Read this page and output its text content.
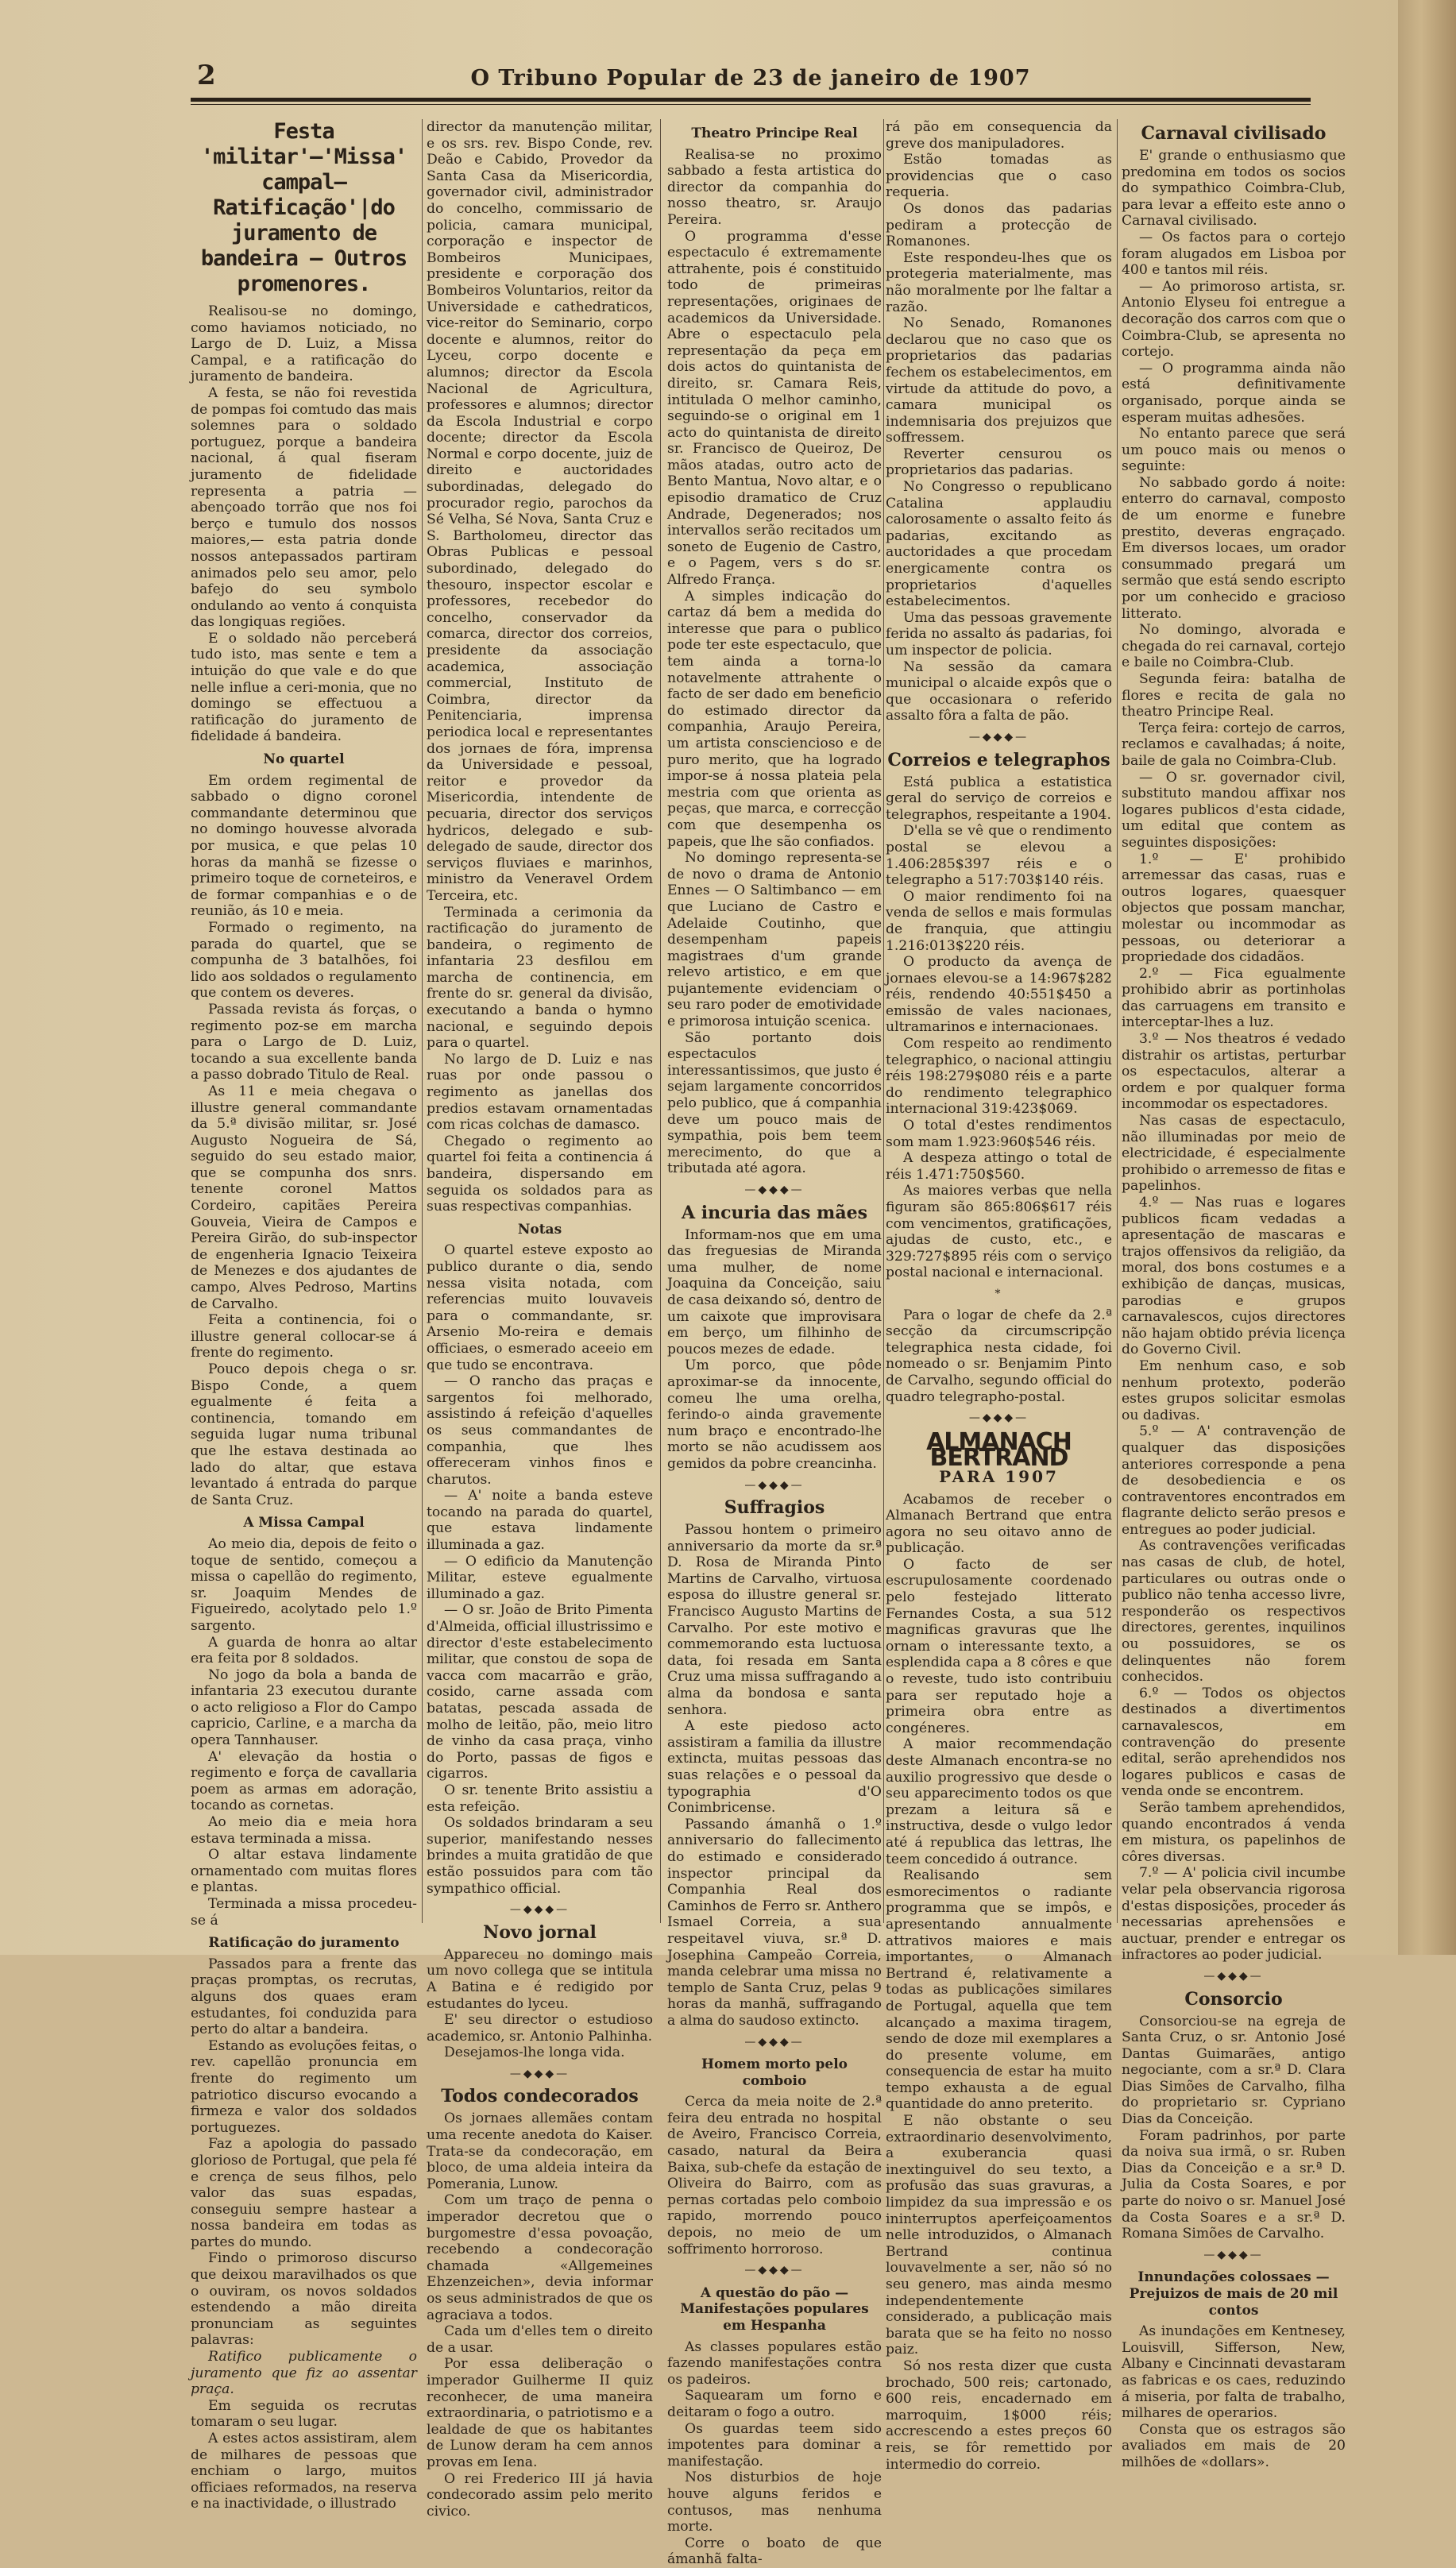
2	O Tribuno Popular de 23 de janeiro de 1907
Festa 'militar'—'Missa' campal—Ratificação'|do juramento de bandeira — Outros promenores.

Realisou-se no domingo, como haviamos noticiado, no Largo de D. Luiz, a Missa Campal, e a ratificação do juramento de bandeira.

A festa, se não foi revestida de pompas foi comtudo das mais solemnes para o soldado portuguez, porque a bandeira nacional, á qual fiseram juramento de fidelidade representa a patria — abençoado torrão que nos foi berço e tumulo dos nossos maiores,— esta patria donde nossos antepassados partiram animados pelo seu amor, pelo bafejo do seu symbolo ondulando ao vento á conquista das longiquas regiões.

E o soldado não perceberá tudo isto, mas sente e tem a intuição do que vale e do que nelle influe a ceri-monia, que no domingo se effectuou a ratificação do juramento de fidelidade á bandeira.

No quartel

Em ordem regimental de sabbado o digno coronel commandante determinou que no domingo houvesse alvorada por musica, e que pelas 10 horas da manhã se fizesse o primeiro toque de corneteiros, e de formar companhias e o de reunião, ás 10 e meia.

Formado o regimento, na parada do quartel, que se compunha de 3 batalhões, foi lido aos soldados o regulamento que contem os deveres.

Passada revista ás forças, o regimento poz-se em marcha para o Largo de D. Luiz, tocando a sua excellente banda a passo dobrado Titulo de Real.

As 11 e meia chegava o illustre general commandante da 5.ª divisão militar, sr. José Augusto Nogueira de Sá, seguido do seu estado maior, que se compunha dos snrs. tenente coronel Mattos Cordeiro, capitães Pereira Gouveia, Vieira de Campos e Pereira Girão, do sub-inspector de engenheria Ignacio Teixeira de Menezes e dos ajudantes de campo, Alves Pedroso, Martins de Carvalho.

Feita a continencia, foi o illustre general collocar-se á frente do regimento.

Pouco depois chega o sr. Bispo Conde, a quem egualmente é feita a continencia, tomando em seguida lugar numa tribunal que lhe estava destinada ao lado do altar, que estava levantado á entrada do parque de Santa Cruz.

A Missa Campal

Ao meio dia, depois de feito o toque de sentido, começou a missa o capellão do regimento, sr. Joaquim Mendes de Figueiredo, acolytado pelo 1.º sargento.

A guarda de honra ao altar era feita por 8 soldados.

No jogo da bola a banda de infantaria 23 executou durante o acto religioso a Flor do Campo capricio, Carline, e a marcha da opera Tannhauser.

A' elevação da hostia o regimento e força de cavallaria poem as armas em adoração, tocando as cornetas.

Ao meio dia e meia hora estava terminada a missa.

O altar estava lindamente ornamentado com muitas flores e plantas.

Terminada a missa procedeu-se á

Ratificação do juramento

Passados para a frente das praças promptas, os recrutas, alguns dos quaes eram estudantes, foi conduzida para perto do altar a bandeira.

Estando as evoluções feitas, o rev. capellão pronuncia em frente do regimento um patriotico discurso evocando a firmeza e valor dos soldados portuguezes.

Faz a apologia do passado glorioso de Portugal, que pela fé e crença de seus filhos, pelo valor das suas espadas, conseguiu sempre hastear a nossa bandeira em todas as partes do mundo.

Findo o primoroso discurso que deixou maravilhados os que o ouviram, os novos soldados estendendo a mão direita pronunciam as seguintes palavras:

Ratifico publicamente o juramento que fiz ao assentar praça.

Em seguida os recrutas tomaram o seu lugar.

A estes actos assistiram, alem de milhares de pessoas que enchiam o largo, muitos officiaes reformados, na reserva e na inactividade, o illustrado

director da manutenção militar, e os srs. rev. Bispo Conde, rev. Deão e Cabido, Provedor da Santa Casa da Misericordia, governador civil, administrador do concelho, commissario de policia, camara municipal, corporação e inspector de Bombeiros Municipaes, presidente e corporação dos Bombeiros Voluntarios, reitor da Universidade e cathedraticos, vice-reitor do Seminario, corpo docente e alumnos, reitor do Lyceu, corpo docente e alumnos; director da Escola Nacional de Agricultura, professores e alumnos; director da Escola Industrial e corpo docente; director da Escola Normal e corpo docente, juiz de direito e auctoridades subordinadas, delegado do procurador regio, parochos da Sé Velha, Sé Nova, Santa Cruz e S. Bartholomeu, director das Obras Publicas e pessoal subordinado, delegado do thesouro, inspector escolar e professores, recebedor do concelho, conservador da comarca, director dos correios, presidente da associação academica, associação commercial, Instituto de Coimbra, director da Penitenciaria, imprensa periodica local e representantes dos jornaes de fóra, imprensa da Universidade e pessoal, reitor e provedor da Misericordia, intendente de pecuaria, director dos serviços hydricos, delegado e sub-delegado de saude, director dos serviços fluviaes e marinhos, ministro da Veneravel Ordem Terceira, etc.

Terminada a cerimonia da ractificação do juramento de bandeira, o regimento de infantaria 23 desfilou em marcha de continencia, em frente do sr. general da divisão, executando a banda o hymno nacional, e seguindo depois para o quartel.

No largo de D. Luiz e nas ruas por onde passou o regimento as janellas dos predios estavam ornamentadas com ricas colchas de damasco.

Chegado o regimento ao quartel foi feita a continencia á bandeira, dispersando em seguida os soldados para as suas respectivas companhias.

Notas

O quartel esteve exposto ao publico durante o dia, sendo nessa visita notada, com referencias muito louvaveis para o commandante, sr. Arsenio Mo-reira e demais officiaes, o esmerado aceeio em que tudo se encontrava.

— O rancho das praças e sargentos foi melhorado, assistindo á refeição d'aquelles os seus commandantes de companhia, que lhes offereceram vinhos finos e charutos.

— A' noite a banda esteve tocando na parada do quartel, que estava lindamente illuminada a gaz.

— O edificio da Manutenção Militar, esteve egualmente illuminado a gaz.

— O sr. João de Brito Pimenta d'Almeida, official illustrissimo e director d'este estabelecimento militar, que constou de sopa de vacca com macarrão e grão, cosido, carne assada com batatas, pescada assada de molho de leitão, pão, meio litro de vinho da casa praça, vinho do Porto, passas de figos e cigarros.

O sr. tenente Brito assistiu a esta refeição.

Os soldados brindaram a seu superior, manifestando nesses brindes a muita gratidão de que estão possuidos para com tão sympathico official.

—◆◆◆—
Novo jornal

Appareceu no domingo mais um novo collega que se intitula A Batina e é redigido por estudantes do lyceu.

E' seu director o estudioso academico, sr. Antonio Palhinha.

Desejamos-lhe longa vida.

—◆◆◆—
Todos condecorados

Os jornaes allemães contam uma recente anedota do Kaiser. Trata-se da condecoração, em bloco, de uma aldeia inteira da Pomerania, Lunow.

Com um traço de penna o imperador decretou que o burgomestre d'essa povoação, recebendo a condecoração chamada «Allgemeines Ehzenzeichen», devia informar os seus administrados de que os agraciava a todos.

Cada um d'elles tem o direito de a usar.

Por essa deliberação o imperador Guilherme II quiz reconhecer, de uma maneira extraordinaria, o patriotismo e a lealdade de que os habitantes de Lunow deram ha cem annos provas em Iena.

O rei Frederico III já havia condecorado assim pelo merito civico.

Theatro Principe Real

Realisa-se no proximo sabbado a festa artistica do director da companhia do nosso theatro, sr. Araujo Pereira.

O programma d'esse espectaculo é extremamente attrahente, pois é constituido todo de primeiras representações, originaes de academicos da Universidade. Abre o espectaculo pela representação da peça em dois actos do quintanista de direito, sr. Camara Reis, intitulada O melhor caminho, seguindo-se o original em 1 acto do quintanista de direito sr. Francisco de Queiroz, De mãos atadas, outro acto de Bento Mantua, Novo altar, e o episodio dramatico de Cruz Andrade, Degenerados; nos intervallos serão recitados um soneto de Eugenio de Castro, e o Pagem, vers s do sr. Alfredo França.

A simples indicação do cartaz dá bem a medida do interesse que para o publico pode ter este espectaculo, que tem ainda a torna-lo notavelmente attrahente o facto de ser dado em beneficio do estimado director da companhia, Araujo Pereira, um artista consciencioso e de puro merito, que ha logrado impor-se á nossa plateia pela mestria com que orienta as peças, que marca, e correcção com que desempenha os papeis, que lhe são confiados.

No domingo representa-se de novo o drama de Antonio Ennes — O Saltimbanco — em que Luciano de Castro e Adelaide Coutinho, que desempenham papeis magistraes d'um grande relevo artistico, e em que pujantemente evidenciam o seu raro poder de emotividade e primorosa intuição scenica.

São portanto dois espectaculos interessantissimos, que justo é sejam largamente concorridos pelo publico, que á companhia deve um pouco mais de sympathia, pois bem teem merecimento, do que a tributada até agora.

—◆◆◆—
A incuria das mães

Informam-nos que em uma das freguesias de Miranda uma mulher, de nome Joaquina da Conceição, saiu de casa deixando só, dentro de um caixote que improvisara em berço, um filhinho de poucos mezes de edade.

Um porco, que pôde aproximar-se da innocente, comeu lhe uma orelha, ferindo-o ainda gravemente num braço e encontrado-lhe morto se não acudissem aos gemidos da pobre creancinha.

—◆◆◆—
Suffragios

Passou hontem o primeiro anniversario da morte da sr.ª D. Rosa de Miranda Pinto Martins de Carvalho, virtuosa esposa do illustre general sr. Francisco Augusto Martins de Carvalho. Por este motivo e commemorando esta luctuosa data, foi resada em Santa Cruz uma missa suffragando a alma da bondosa e santa senhora.

A este piedoso acto assistiram a familia da illustre extincta, muitas pessoas das suas relações e o pessoal da typographia d'O Conimbricense.

Passando ámanhã o 1.º anniversario do fallecimento do estimado e considerado inspector principal da Companhia Real dos Caminhos de Ferro sr. Anthero Ismael Correia, a sua respeitavel viuva, sr.ª D. Josephina Campeão Correia, manda celebrar uma missa no templo de Santa Cruz, pelas 9 horas da manhã, suffragando a alma do saudoso extincto.

—◆◆◆—
Homem morto pelo comboio

Cerca da meia noite de 2.ª feira deu entrada no hospital de Aveiro, Francisco Correia, casado, natural da Beira Baixa, sub-chefe da estação de Oliveira do Bairro, com as pernas cortadas pelo comboio rapido, morrendo pouco depois, no meio de um soffrimento horroroso.

—◆◆◆—
A questão do pão — Manifestações populares em Hespanha

As classes populares estão fazendo manifestações contra os padeiros.

Saquearam um forno e deitaram o fogo a outro.

Os guardas teem sido impotentes para dominar a manifestação.

Nos disturbios de hoje houve alguns feridos e contusos, mas nenhuma morte.

Corre o boato de que ámanhã falta-

rá pão em consequencia da greve dos manipuladores.

Estão tomadas as providencias que o caso requeria.

Os donos das padarias pediram a protecção de Romanones.

Este respondeu-lhes que os protegeria materialmente, mas não moralmente por lhe faltar a razão.

No Senado, Romanones declarou que no caso que os proprietarios das padarias fechem os estabelecimentos, em virtude da attitude do povo, a camara municipal os indemnisaria dos prejuizos que soffressem.

Reverter censurou os proprietarios das padarias.

No Congresso o republicano Catalina applaudiu calorosamente o assalto feito ás padarias, excitando as auctoridades a que procedam energicamente contra os proprietarios d'aquelles estabelecimentos.

Uma das pessoas gravemente ferida no assalto ás padarias, foi um inspector de policia.

Na sessão da camara municipal o alcaide expôs que o que occasionara o referido assalto fôra a falta de pão.

—◆◆◆—
Correios e telegraphos

Está publica a estatistica geral do serviço de correios e telegraphos, respeitante a 1904.

D'ella se vê que o rendimento postal se elevou a 1.406:285$397 réis e o telegrapho a 517:703$140 réis.

O maior rendimento foi na venda de sellos e mais formulas de franquia, que attingiu 1.216:013$220 réis.

O producto da avença de jornaes elevou-se a 14:967$282 réis, rendendo 40:551$450 a emissão de vales nacionaes, ultramarinos e internacionaes.

Com respeito ao rendimento telegraphico, o nacional attingiu réis 198:279$080 réis e a parte do rendimento telegraphico internacional 319:423$069.

O total d'estes rendimentos som mam 1.923:960$546 réis.

A despeza attingo o total de réis 1.471:750$560.

As maiores verbas que nella figuram são 865:806$617 réis com vencimentos, gratificações, ajudas de custo, etc., e 329:727$895 réis com o serviço postal nacional e internacional.

*

Para o logar de chefe da 2.ª secção da circumscripção telegraphica nesta cidade, foi nomeado o sr. Benjamim Pinto de Carvalho, segundo official do quadro telegrapho-postal.

—◆◆◆—
ALMANACH BERTRAND
PARA 1907

Acabamos de receber o Almanach Bertrand que entra agora no seu oitavo anno de publicação.

O facto de ser escrupulosamente coordenado pelo festejado litterato Fernandes Costa, a sua 512 magnificas gravuras que lhe ornam o interessante texto, a esplendida capa a 8 côres e que o reveste, tudo isto contribuiu para ser reputado hoje a primeira obra entre as congéneres.

A maior recommendação deste Almanach encontra-se no auxilio progressivo que desde o seu apparecimento todos os que prezam a leitura sã e instructiva, desde o vulgo ledor até á republica das lettras, lhe teem concedido á outrance.

Realisando sem esmorecimentos o radiante programma que se impôs, e apresentando annualmente attrativos maiores e mais importantes, o Almanach Bertrand é, relativamente a todas as publicações similares de Portugal, aquella que tem alcançado a maxima tiragem, sendo de doze mil exemplares a do presente volume, em consequencia de estar ha muito tempo exhausta a de egual quantidade do anno preterito.

E não obstante o seu extraordinario desenvolvimento, a exuberancia quasi inextinguivel do seu texto, a profusão das suas gravuras, a limpidez da sua impressão e os ininterruptos aperfeiçoamentos nelle introduzidos, o Almanach Bertrand continua louvavelmente a ser, não só no seu genero, mas ainda mesmo independentemente considerado, a publicação mais barata que se ha feito no nosso paiz.

Só nos resta dizer que custa brochado, 500 reis; cartonado, 600 reis, encadernado em marroquim, 1$000 réis; accrescendo a estes preços 60 reis, se fôr remettido por intermedio do correio.

Carnaval civilisado

E' grande o enthusiasmo que predomina em todos os socios do sympathico Coimbra-Club, para levar a effeito este anno o Carnaval civilisado.

— Os factos para o cortejo foram alugados em Lisboa por 400 e tantos mil réis.

— Ao primoroso artista, sr. Antonio Elyseu foi entregue a decoração dos carros com que o Coimbra-Club, se apresenta no cortejo.

— O programma ainda não está definitivamente organisado, porque ainda se esperam muitas adhesões.

No entanto parece que será um pouco mais ou menos o seguinte:

No sabbado gordo á noite: enterro do carnaval, composto de um enorme e funebre prestito, deveras engraçado. Em diversos locaes, um orador consummado pregará um sermão que está sendo escripto por um conhecido e gracioso litterato.

No domingo, alvorada e chegada do rei carnaval, cortejo e baile no Coimbra-Club.

Segunda feira: batalha de flores e recita de gala no theatro Principe Real.

Terça feira: cortejo de carros, reclamos e cavalhadas; á noite, baile de gala no Coimbra-Club.

— O sr. governador civil, substituto mandou affixar nos logares publicos d'esta cidade, um edital que contem as seguintes disposições:

1.º — E' prohibido arremessar das casas, ruas e outros logares, quaesquer objectos que possam manchar, molestar ou incommodar as pessoas, ou deteriorar a propriedade dos cidadãos.

2.º — Fica egualmente prohibido abrir as portinholas das carruagens em transito e interceptar-lhes a luz.

3.º — Nos theatros é vedado distrahir os artistas, perturbar os espectaculos, alterar a ordem e por qualquer forma incommodar os espectadores.

Nas casas de espectaculo, não illuminadas por meio de electricidade, é especialmente prohibido o arremesso de fitas e papelinhos.

4.º — Nas ruas e logares publicos ficam vedadas a apresentação de mascaras e trajos offensivos da religião, da moral, dos bons costumes e a exhibição de danças, musicas, parodias e grupos carnavalescos, cujos directores não hajam obtido prévia licença do Governo Civil.

Em nenhum caso, e sob nenhum protexto, poderão estes grupos solicitar esmolas ou dadivas.

5.º — A' contravenção de qualquer das disposições anteriores corresponde a pena de desobediencia e os contraventores encontrados em flagrante delicto serão presos e entregues ao poder judicial.

As contravenções verificadas nas casas de club, de hotel, particulares ou outras onde o publico não tenha accesso livre, responderão os respectivos directores, gerentes, inquilinos ou possuidores, se os delinquentes não forem conhecidos.

6.º — Todos os objectos destinados a divertimentos carnavalescos, em contravenção do presente edital, serão aprehendidos nos logares publicos e casas de venda onde se encontrem.

Serão tambem aprehendidos, quando encontrados á venda em mistura, os papelinhos de côres diversas.

7.º — A' policia civil incumbe velar pela observancia rigorosa d'estas disposições, proceder ás necessarias aprehensões e auctuar, prender e entregar os infractores ao poder judicial.

—◆◆◆—
Consorcio

Consorciou-se na egreja de Santa Cruz, o sr. Antonio José Dantas Guimarães, antigo negociante, com a sr.ª D. Clara Dias Simões de Carvalho, filha do proprietario sr. Cypriano Dias da Conceição.

Foram padrinhos, por parte da noiva sua irmã, o sr. Ruben Dias da Conceição e a sr.ª D. Julia da Costa Soares, e por parte do noivo o sr. Manuel José da Costa Soares e a sr.ª D. Romana Simões de Carvalho.

—◆◆◆—
Innundações colossaes — Prejuizos de mais de 20 mil contos

As inundações em Kentnesey, Louisvill, Sifferson, New, Albany e Cincinnati devastaram as fabricas e os caes, reduzindo á miseria, por falta de trabalho, milhares de operarios.

Consta que os estragos são avaliados em mais de 20 milhões de «dollars».
